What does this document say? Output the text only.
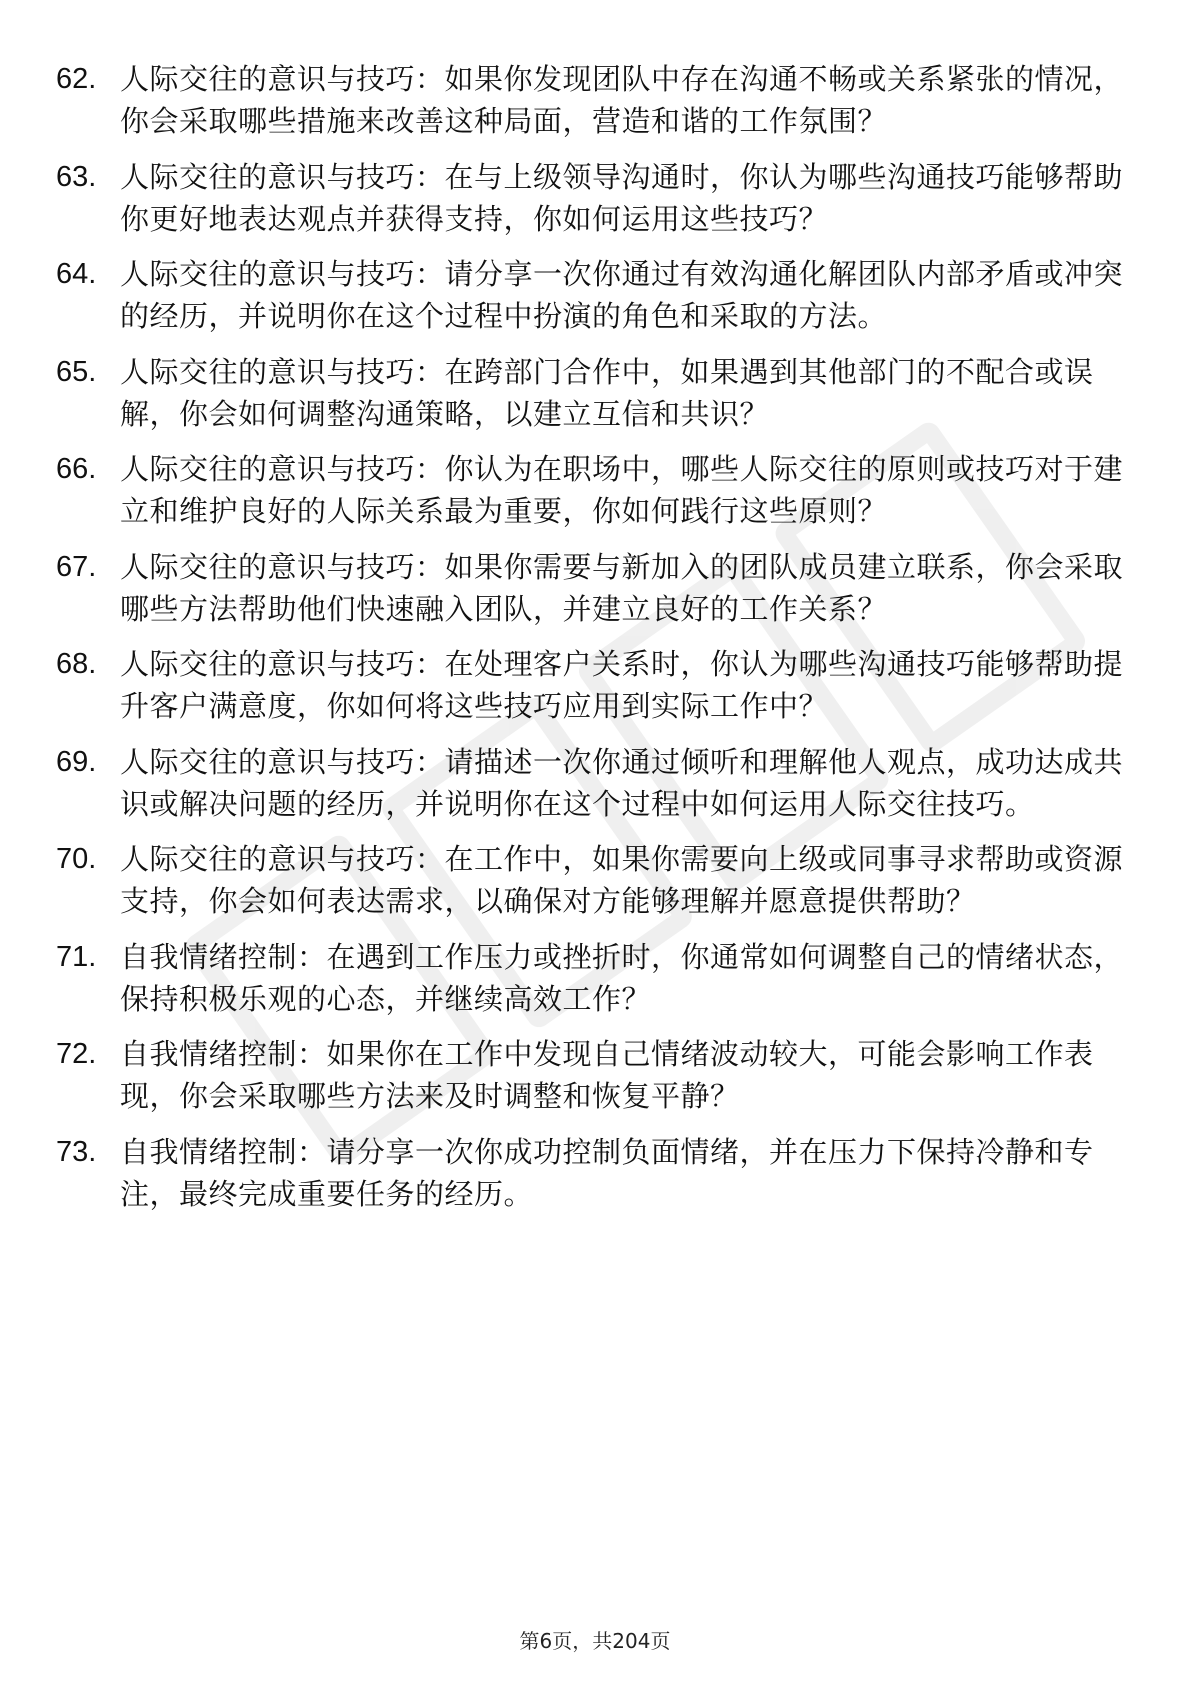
62. 人际交往的意识与技巧：如果你发现团队中存在沟通不畅或关系紧张的情况，你会采取哪些措施来改善这种局面，营造和谐的工作氛围？
63. 人际交往的意识与技巧：在与上级领导沟通时，你认为哪些沟通技巧能够帮助你更好地表达观点并获得支持，你如何运用这些技巧？
64. 人际交往的意识与技巧：请分享一次你通过有效沟通化解团队内部矛盾或冲突的经历，并说明你在这个过程中扮演的角色和采取的方法。
65. 人际交往的意识与技巧：在跨部门合作中，如果遇到其他部门的不配合或误解，你会如何调整沟通策略，以建立互信和共识？
66. 人际交往的意识与技巧：你认为在职场中，哪些人际交往的原则或技巧对于建立和维护良好的人际关系最为重要，你如何践行这些原则？
67. 人际交往的意识与技巧：如果你需要与新加入的团队成员建立联系，你会采取哪些方法帮助他们快速融入团队，并建立良好的工作关系？
68. 人际交往的意识与技巧：在处理客户关系时，你认为哪些沟通技巧能够帮助提升客户满意度，你如何将这些技巧应用到实际工作中？
69. 人际交往的意识与技巧：请描述一次你通过倾听和理解他人观点，成功达成共识或解决问题的经历，并说明你在这个过程中如何运用人际交往技巧。
70. 人际交往的意识与技巧：在工作中，如果你需要向上级或同事寻求帮助或资源支持，你会如何表达需求，以确保对方能够理解并愿意提供帮助？
71. 自我情绪控制：在遇到工作压力或挫折时，你通常如何调整自己的情绪状态，保持积极乐观的心态，并继续高效工作？
72. 自我情绪控制：如果你在工作中发现自己情绪波动较大，可能会影响工作表现，你会采取哪些方法来及时调整和恢复平静？
73. 自我情绪控制：请分享一次你成功控制负面情绪，并在压力下保持冷静和专注，最终完成重要任务的经历。
第6页，共204页
